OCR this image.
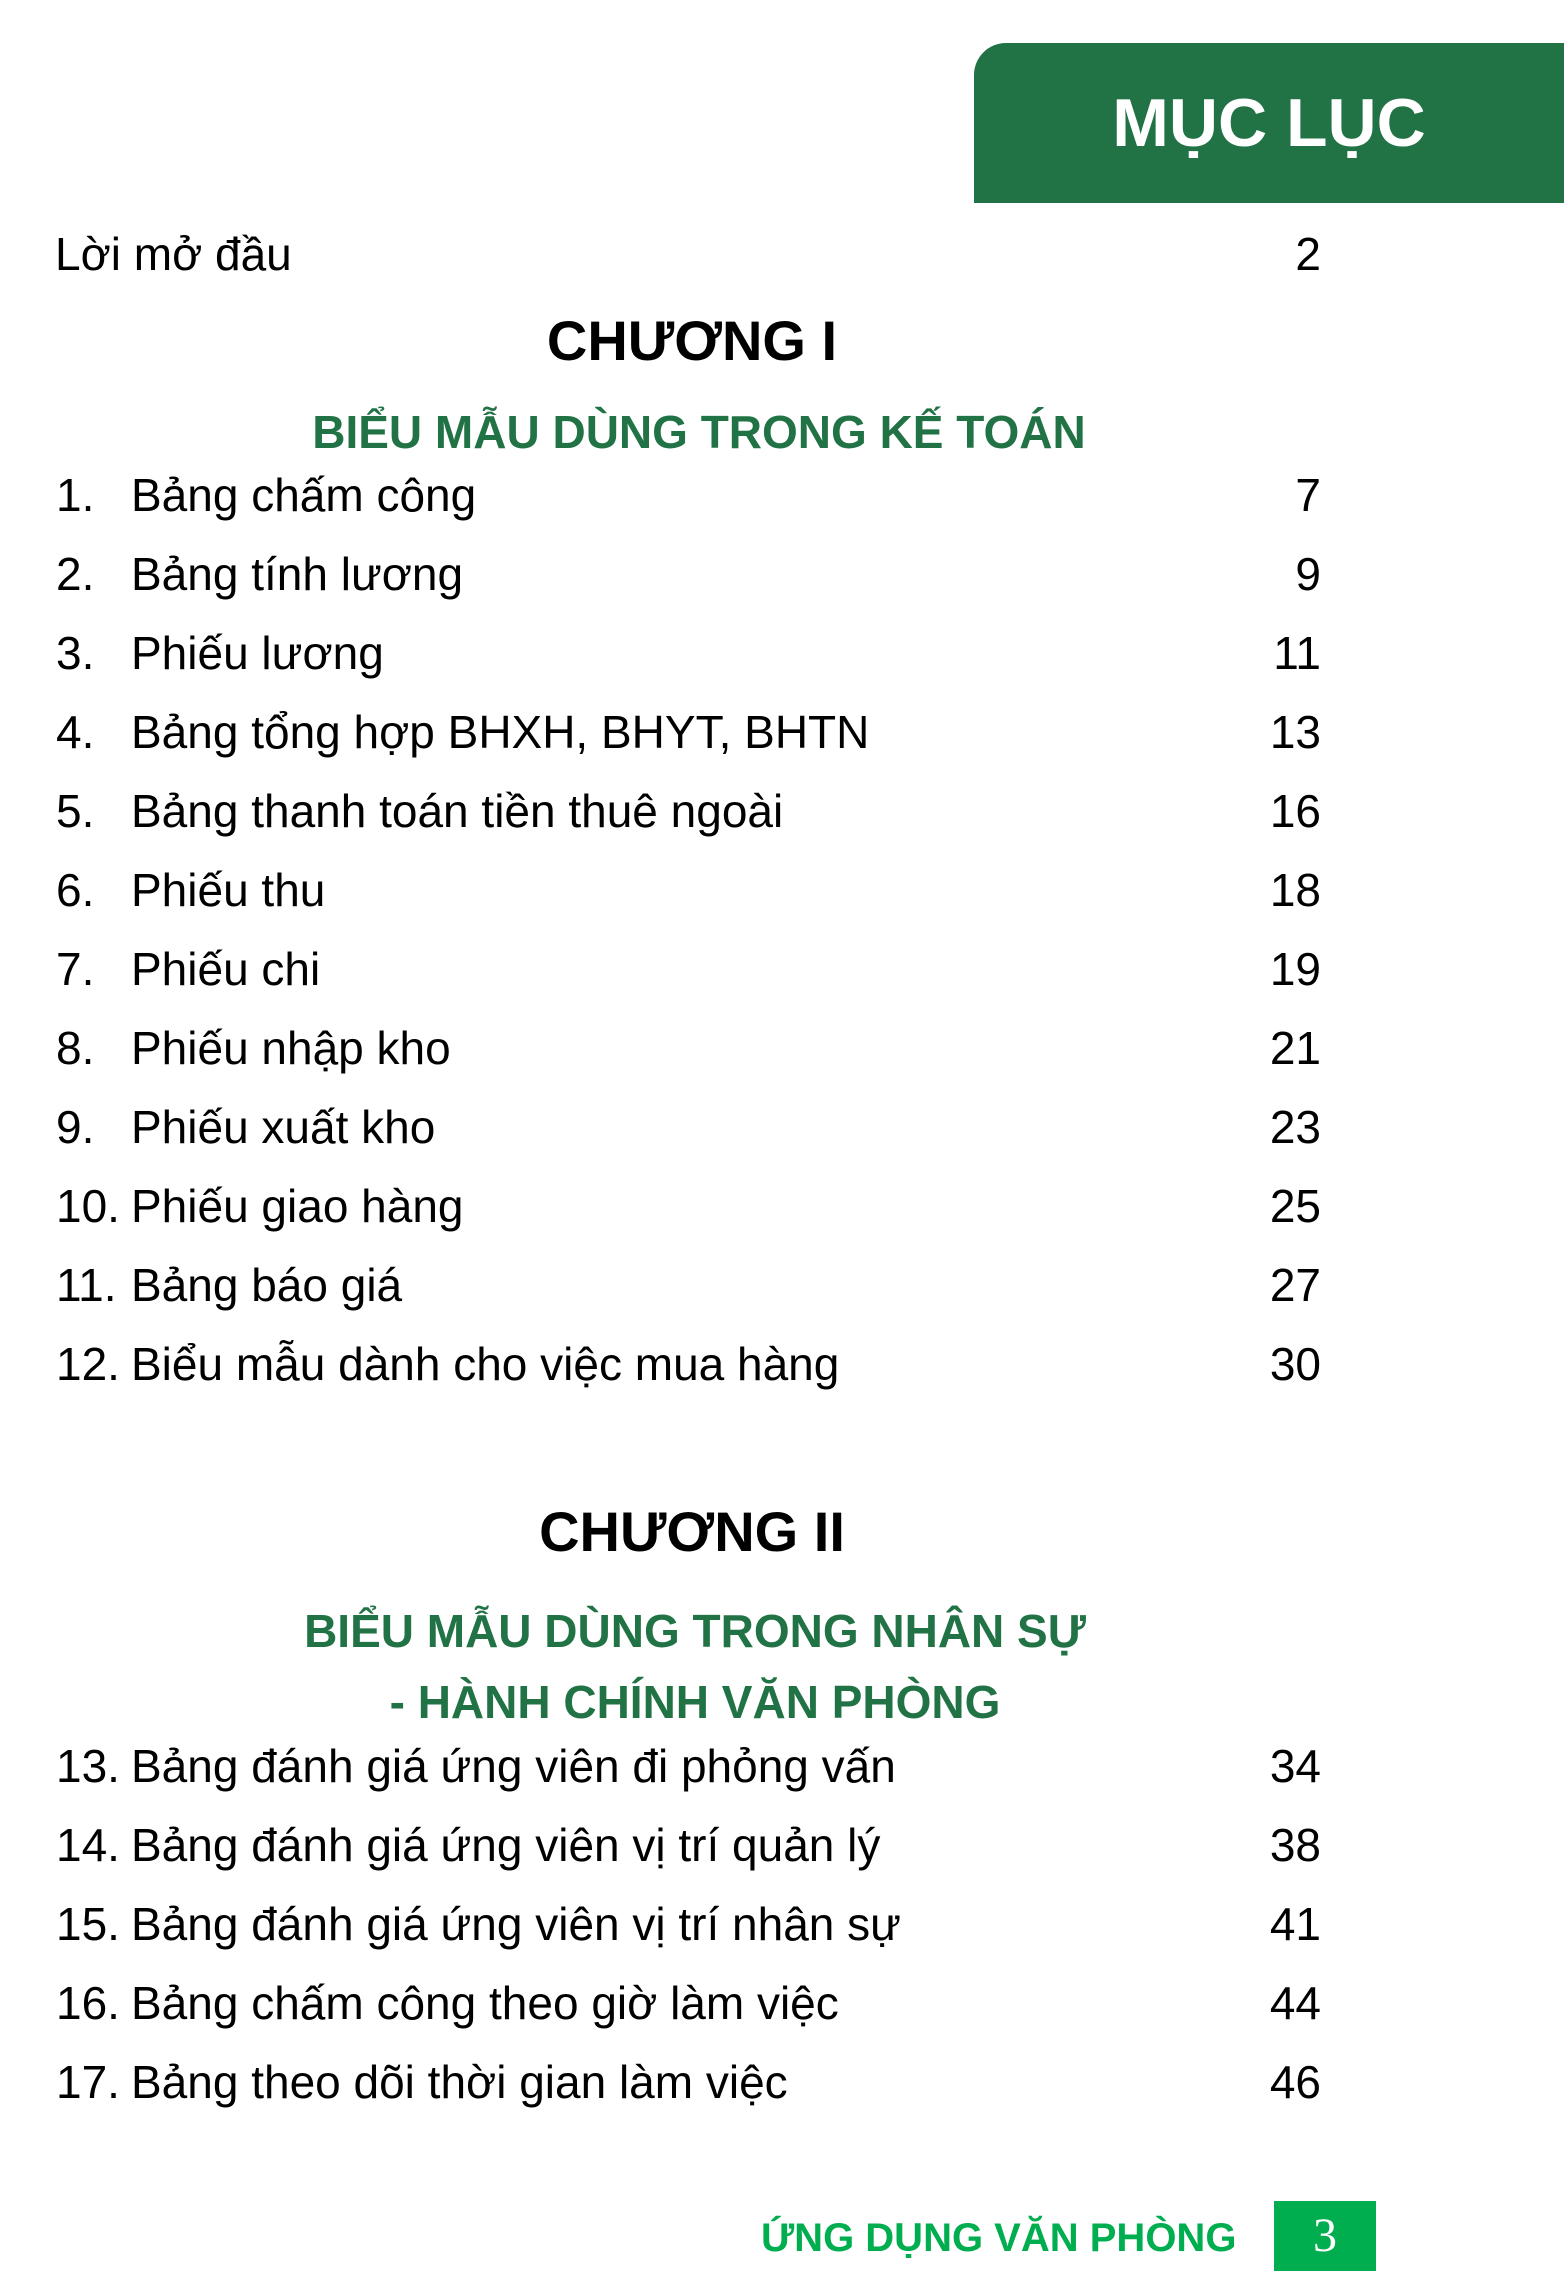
MỤC LỤC
Lời mở đầu	2
CHƯƠNG I
BIỂU MẪU DÙNG TRONG KẾ TOÁN
1. Bảng chấm công	7
2. Bảng tính lương	9
3. Phiếu lương	11
4. Bảng tổng hợp BHXH, BHYT, BHTN	13
5. Bảng thanh toán tiền thuê ngoài	16
6. Phiếu thu	18
7. Phiếu chi	19
8. Phiếu nhập kho	21
9. Phiếu xuất kho	23
10. Phiếu giao hàng	25
11. Bảng báo giá	27
12. Biểu mẫu dành cho việc mua hàng	30
CHƯƠNG II
BIỂU MẪU DÙNG TRONG NHÂN SỰ
- HÀNH CHÍNH VĂN PHÒNG
13. Bảng đánh giá ứng viên đi phỏng vấn	34
14. Bảng đánh giá ứng viên vị trí quản lý	38
15. Bảng đánh giá ứng viên vị trí nhân sự	41
16. Bảng chấm công theo giờ làm việc	44
17. Bảng theo dõi thời gian làm việc	46
ỨNG DỤNG VĂN PHÒNG	3
